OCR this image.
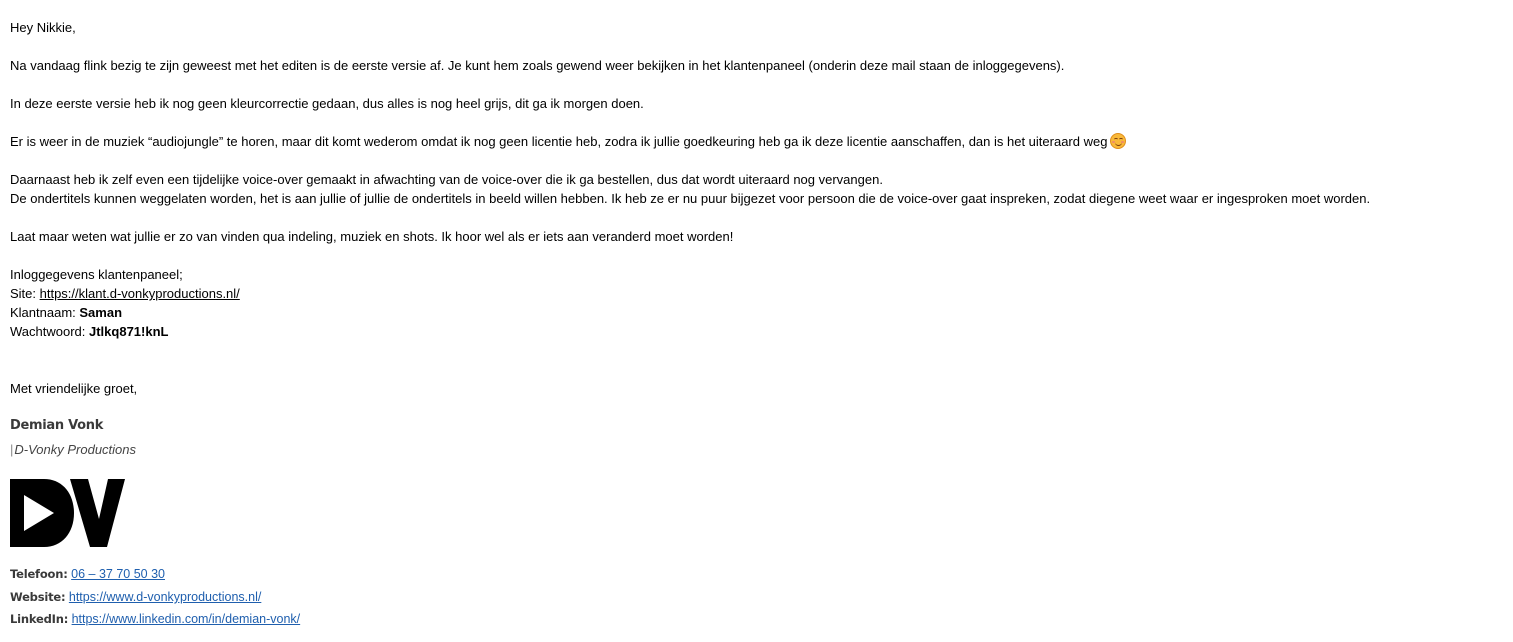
Hey Nikkie,
Na vandaag flink bezig te zijn geweest met het editen is de eerste versie af. Je kunt hem zoals gewend weer bekijken in het klantenpaneel (onderin deze mail staan de inloggegevens).
In deze eerste versie heb ik nog geen kleurcorrectie gedaan, dus alles is nog heel grijs, dit ga ik morgen doen.
Er is weer in de muziek “audiojungle” te horen, maar dit komt wederom omdat ik nog geen licentie heb, zodra ik jullie goedkeuring heb ga ik deze licentie aanschaffen, dan is het uiteraard weg
Daarnaast heb ik zelf even een tijdelijke voice-over gemaakt in afwachting van de voice-over die ik ga bestellen, dus dat wordt uiteraard nog vervangen.
De ondertitels kunnen weggelaten worden, het is aan jullie of jullie de ondertitels in beeld willen hebben. Ik heb ze er nu puur bijgezet voor persoon die de voice-over gaat inspreken, zodat diegene weet waar er ingesproken moet worden.
Laat maar weten wat jullie er zo van vinden qua indeling, muziek en shots. Ik hoor wel als er iets aan veranderd moet worden!
Inloggegevens klantenpaneel;
Site: https://klant.d-vonkyproductions.nl/
Klantnaam: Saman
Wachtwoord: Jtlkq871!knL
Met vriendelijke groet,
Demian Vonk
|D-Vonky Productions
Telefoon: 06 – 37 70 50 30
Website: https://www.d-vonkyproductions.nl/
LinkedIn: https://www.linkedin.com/in/demian-vonk/
